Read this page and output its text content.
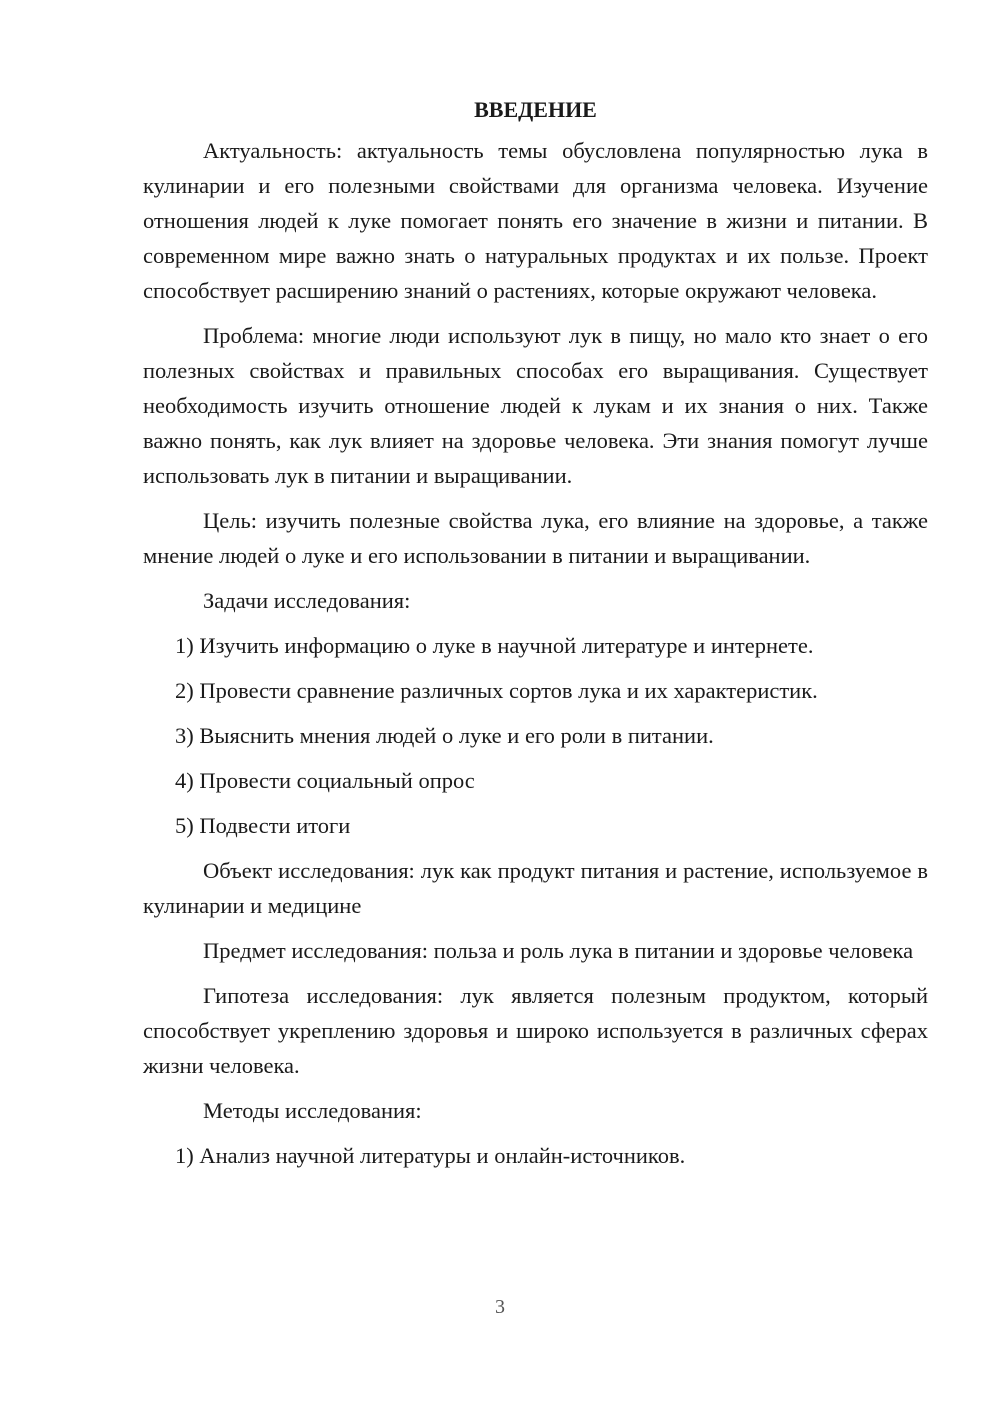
ВВЕДЕНИЕ

Актуальность: актуальность темы обусловлена популярностью лука в кулинарии и его полезными свойствами для организма человека. Изучение отношения людей к луке помогает понять его значение в жизни и питании. В современном мире важно знать о натуральных продуктах и их пользе. Проект способствует расширению знаний о растениях, которые окружают человека.

Проблема: многие люди используют лук в пищу, но мало кто знает о его полезных свойствах и правильных способах его выращивания. Существует необходимость изучить отношение людей к лукам и их знания о них. Также важно понять, как лук влияет на здоровье человека. Эти знания помогут лучше использовать лук в питании и выращивании.

Цель: изучить полезные свойства лука, его влияние на здоровье, а также мнение людей о луке и его использовании в питании и выращивании.

Задачи исследования:

1) Изучить информацию о луке в научной литературе и интернете.

2) Провести сравнение различных сортов лука и их характеристик.

3) Выяснить мнения людей о луке и его роли в питании.

4) Провести социальный опрос

5) Подвести итоги

Объект исследования: лук как продукт питания и растение, используемое в кулинарии и медицине

Предмет исследования: польза и роль лука в питании и здоровье человека

Гипотеза исследования: лук является полезным продуктом, который способствует укреплению здоровья и широко используется в различных сферах жизни человека.

Методы исследования:

1) Анализ научной литературы и онлайн-источников.

3
